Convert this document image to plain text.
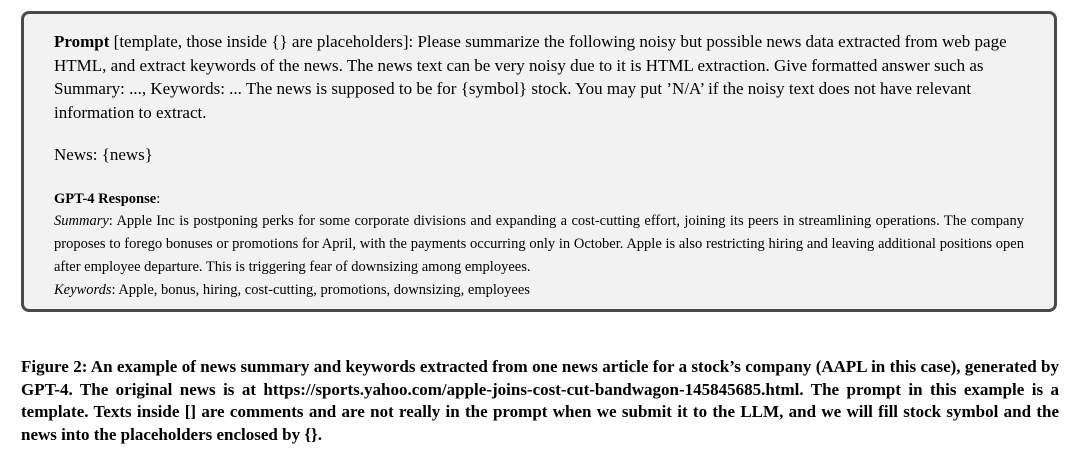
Prompt [template, those inside {} are placeholders]: Please summarize the following noisy but possible news data extracted from web page HTML, and extract keywords of the news. The news text can be very noisy due to it is HTML extraction. Give formatted answer such as Summary: ..., Keywords: ... The news is supposed to be for {symbol} stock. You may put ’N/A’ if the noisy text does not have relevant information to extract.

News: {news}

GPT-4 Response:

Summary: Apple Inc is postponing perks for some corporate divisions and expanding a cost-cutting effort, joining its peers in streamlining operations. The company proposes to forego bonuses or promotions for April, with the payments occurring only in October. Apple is also restricting hiring and leaving additional positions open after employee departure. This is triggering fear of downsizing among employees.

Keywords: Apple, bonus, hiring, cost-cutting, promotions, downsizing, employees

Figure 2: An example of news summary and keywords extracted from one news article for a stock’s company (AAPL in this case), generated by GPT-4. The original news is at https://sports.yahoo.com/apple-joins-cost-cut-bandwagon-145845685.html. The prompt in this example is a template. Texts inside [] are comments and are not really in the prompt when we submit it to the LLM, and we will fill stock symbol and the news into the placeholders enclosed by {}.
